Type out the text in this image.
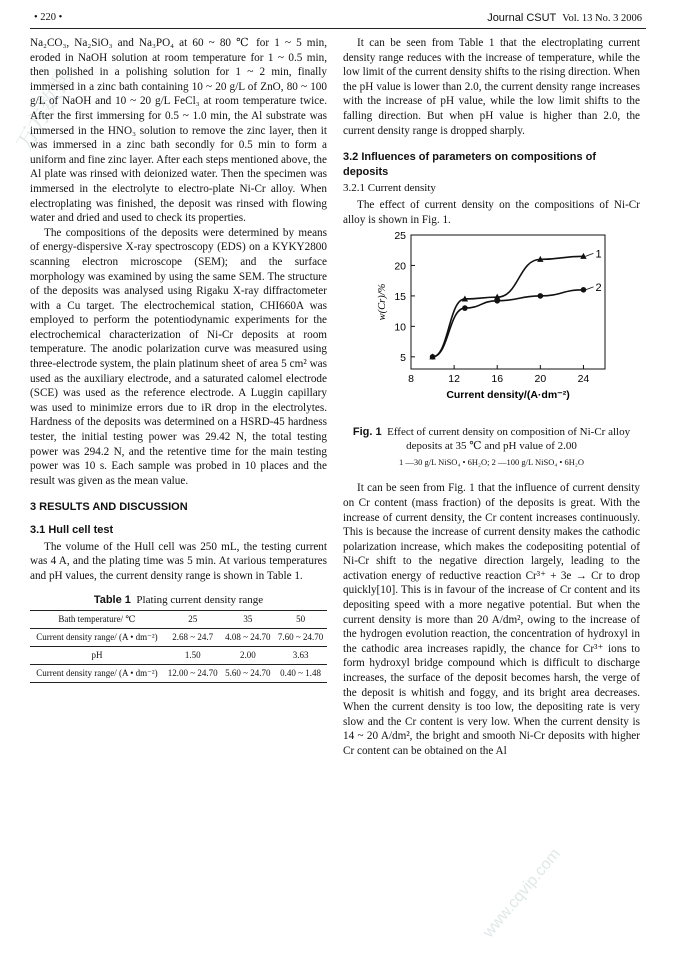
• 220 •	Journal CSUT Vol. 13 No. 3 2006

Na₂CO₃, Na₂SiO₃ and Na₃PO₄ at 60 ~ 80 ℃ for 1 ~ 5 min, eroded in NaOH solution at room temperature for 1 ~ 0.5 min, then polished in a polishing solution for 1 ~ 2 min, finally immersed in a zinc bath containing 10 ~ 20 g/L of ZnO, 80 ~ 100 g/L of NaOH and 10 ~ 20 g/L FeCl₃ at room temperature twice. After the first immersing for 0.5 ~ 1.0 min, the Al substrate was immersed in the HNO₃ solution to remove the zinc layer, then it was immersed in a zinc bath secondly for 0.5 min to form a uniform and fine zinc layer. After each steps mentioned above, the Al plate was rinsed with deionized water. Then the specimen was immersed in the electrolyte to electro-plate Ni-Cr alloy. When electroplating was finished, the deposit was rinsed with flowing water and dried and used to check its properties.

The compositions of the deposits were determined by means of energy-dispersive X-ray spectroscopy (EDS) on a KYKY2800 scanning electron microscope (SEM); and the surface morphology was examined by using the same SEM. The structure of the deposits was analysed using Rigaku X-ray diffractometer with a Cu target. The electrochemical station, CHI660A was employed to perform the potentiodynamic experiments for the electrochemical characterization of Ni-Cr deposits at room temperature. The anodic polarization curve was measured using three-electrode system, the plain platinum sheet of area 5 cm² was used as the auxiliary electrode, and a saturated calomel electrode (SCE) was used as the reference electrode. A Luggin capillary was used to minimize errors due to iR drop in the electrolytes. Hardness of the deposits was determined on a HSRD-45 hardness tester, the initial testing power was 29.42 N, the total testing power was 294.2 N, and the retentive time for the main testing power was 10 s. Each sample was probed in 10 places and the result was given as the mean value.

3 RESULTS AND DISCUSSION
3.1 Hull cell test

The volume of the Hull cell was 250 mL, the testing current was 4 A, and the plating time was 5 min. At various temperatures and pH values, the current density range is shown in Table 1.

Table 1 Plating current density range
Bath temperature/ ℃	25	35	50
Current density range/ (A • dm⁻²)	2.68 ~ 24.7	4.08 ~ 24.70	7.60 ~ 24.70
pH	1.50	2.00	3.63
Current density range/ (A • dm⁻²)	12.00 ~ 24.70	5.60 ~ 24.70	0.40 ~ 1.48

It can be seen from Table 1 that the electroplating current density range reduces with the increase of temperature, while the low limit of the current density shifts to the rising direction. When the pH value is lower than 2.0, the current density range increases with the increase of pH value, while the low limit shifts to the falling direction. But when pH value is higher than 2.0, the current density range is dropped sharply.

3.2 Influences of parameters on compositions of deposits
3.2.1 Current density

The effect of current density on the compositions of Ni-Cr alloy is shown in Fig. 1.

8	12	16	20	24
5
10
15
20
25
Current density/(A·dm⁻²)
w(Cr)/%
1
2
Fig. 1 Effect of current density on composition of Ni-Cr alloy deposits at 35 ℃ and pH value of 2.00
1 —30 g/L NiSO₄ • 6H₂O; 2 —100 g/L NiSO₄ • 6H₂O

It can be seen from Fig. 1 that the influence of current density on Cr content (mass fraction) of the deposits is great. With the increase of current density, the Cr content increases continuously. This is because the increase of current density makes the cathodic polarization increase, which makes the codepositing potential of Ni-Cr shift to the negative direction largely, leading to the activation energy of reductive reaction Cr³⁺ + 3e → Cr to drop quickly[10]. This is in favour of the increase of Cr content and its depositing speed with a more negative potential. But when the current density is more than 20 A/dm², owing to the increase of the hydrogen evolution reaction, the concentration of hydroxyl in the cathodic area increases rapidly, the chance for Cr³⁺ ions to form hydroxyl bridge compound which is difficult to discharge increases, the surface of the deposit becomes harsh, the verge of the deposit is whitish and foggy, and its bright area decreases. When the current density is too low, the depositing rate is very slow and the Cr content is very low. When the current density is 14 ~ 20 A/dm², the bright and smooth Ni-Cr deposits with higher Cr content can be obtained on the Al

万方数据
www.cqvip.com
